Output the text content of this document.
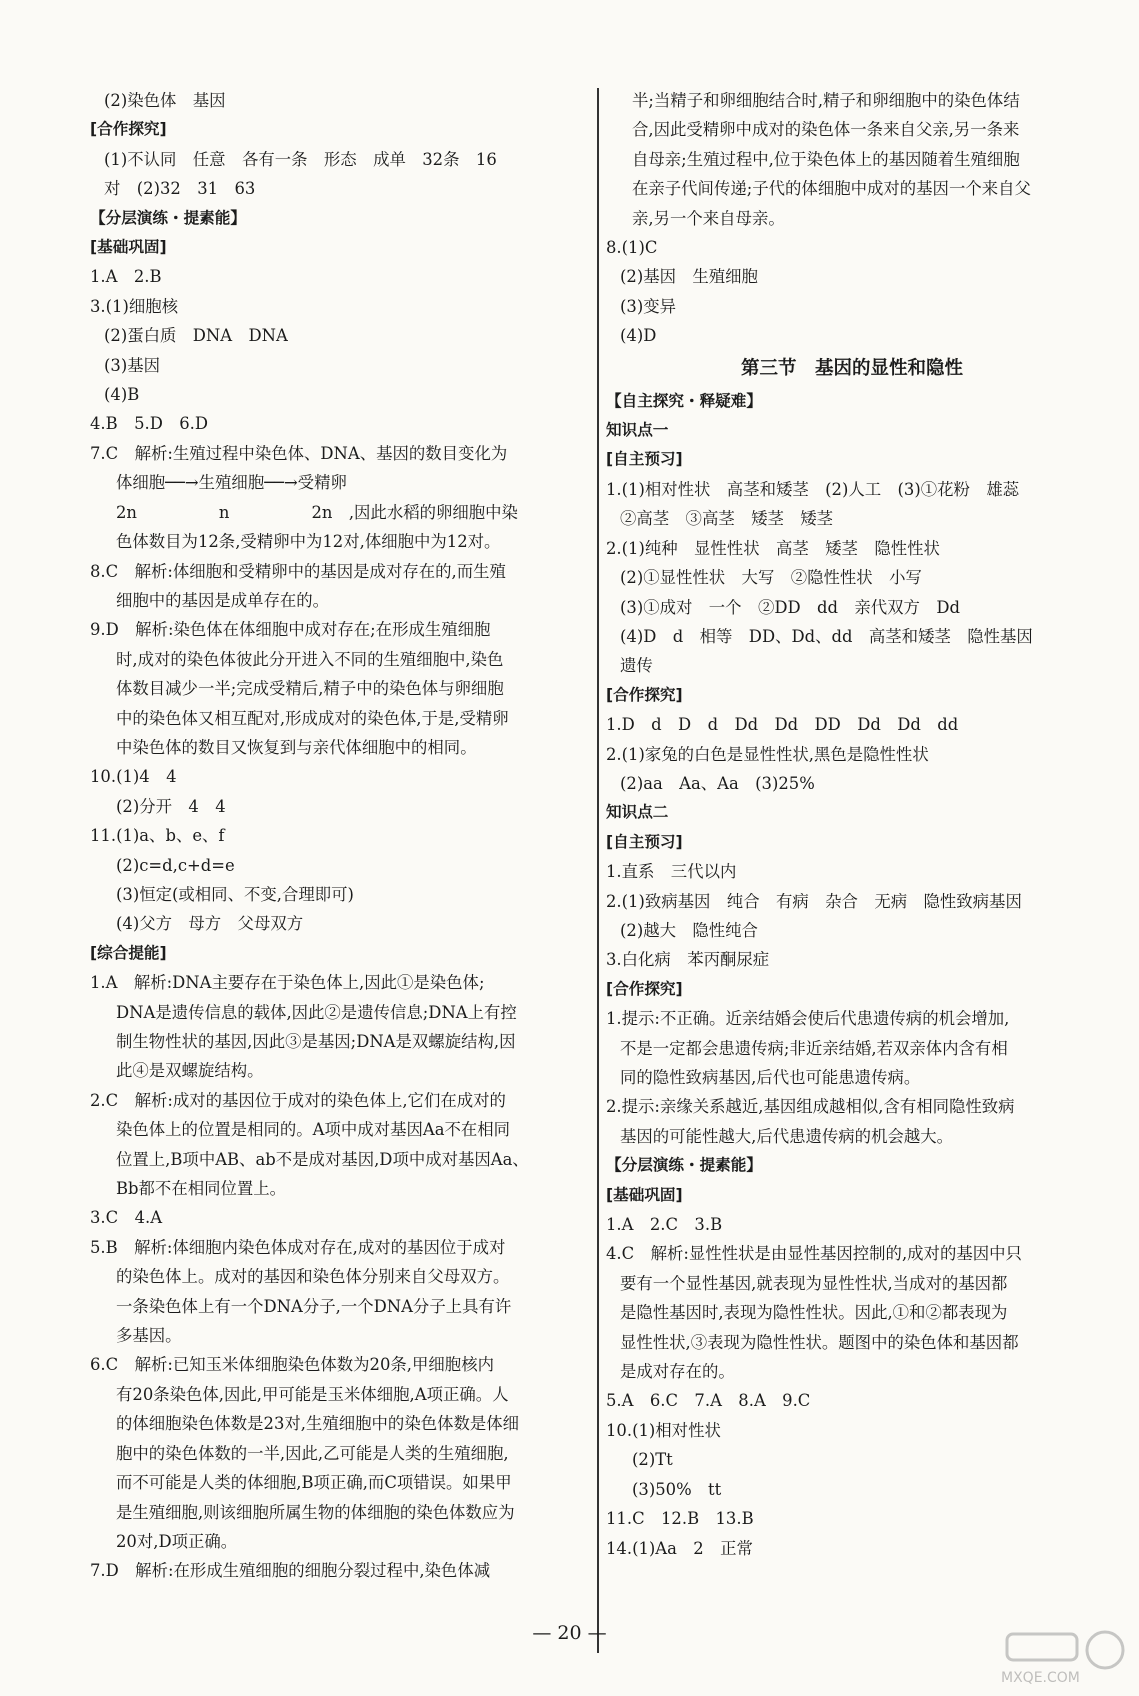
(2)染色体　基因
[合作探究]
(1)不认同　任意　各有一条　形态　成单　32条　16
对　(2)32　31　63
【分层演练・提素能】
[基础巩固]
1.A　2.B
3.(1)细胞核
(2)蛋白质　DNA　DNA
(3)基因
(4)B
4.B　5.D　6.D
7.C　解析:生殖过程中染色体、DNA、基因的数目变化为
体细胞──→生殖细胞──→受精卵
2n　　　　　n　　　　　2n　,因此水稻的卵细胞中染
色体数目为12条,受精卵中为12对,体细胞中为12对。
8.C　解析:体细胞和受精卵中的基因是成对存在的,而生殖
细胞中的基因是成单存在的。
9.D　解析:染色体在体细胞中成对存在;在形成生殖细胞
时,成对的染色体彼此分开进入不同的生殖细胞中,染色
体数目减少一半;完成受精后,精子中的染色体与卵细胞
中的染色体又相互配对,形成成对的染色体,于是,受精卵
中染色体的数目又恢复到与亲代体细胞中的相同。
10.(1)4　4
(2)分开　4　4
11.(1)a、b、e、f
(2)c=d,c+d=e
(3)恒定(或相同、不变,合理即可)
(4)父方　母方　父母双方
[综合提能]
1.A　解析:DNA主要存在于染色体上,因此①是染色体;
DNA是遗传信息的载体,因此②是遗传信息;DNA上有控
制生物性状的基因,因此③是基因;DNA是双螺旋结构,因
此④是双螺旋结构。
2.C　解析:成对的基因位于成对的染色体上,它们在成对的
染色体上的位置是相同的。A项中成对基因Aa不在相同
位置上,B项中AB、ab不是成对基因,D项中成对基因Aa、
Bb都不在相同位置上。
3.C　4.A
5.B　解析:体细胞内染色体成对存在,成对的基因位于成对
的染色体上。成对的基因和染色体分别来自父母双方。
一条染色体上有一个DNA分子,一个DNA分子上具有许
多基因。
6.C　解析:已知玉米体细胞染色体数为20条,甲细胞核内
有20条染色体,因此,甲可能是玉米体细胞,A项正确。人
的体细胞染色体数是23对,生殖细胞中的染色体数是体细
胞中的染色体数的一半,因此,乙可能是人类的生殖细胞,
而不可能是人类的体细胞,B项正确,而C项错误。如果甲
是生殖细胞,则该细胞所属生物的体细胞的染色体数应为
20对,D项正确。
7.D　解析:在形成生殖细胞的细胞分裂过程中,染色体减
半;当精子和卵细胞结合时,精子和卵细胞中的染色体结
合,因此受精卵中成对的染色体一条来自父亲,另一条来
自母亲;生殖过程中,位于染色体上的基因随着生殖细胞
在亲子代间传递;子代的体细胞中成对的基因一个来自父
亲,另一个来自母亲。
8.(1)C
(2)基因　生殖细胞
(3)变异
(4)D
第三节　基因的显性和隐性
【自主探究・释疑难】
知识点一
[自主预习]
1.(1)相对性状　高茎和矮茎　(2)人工　(3)①花粉　雄蕊
②高茎　③高茎　矮茎　矮茎
2.(1)纯种　显性性状　高茎　矮茎　隐性性状
(2)①显性性状　大写　②隐性性状　小写
(3)①成对　一个　②DD　dd　亲代双方　Dd
(4)D　d　相等　DD、Dd、dd　高茎和矮茎　隐性基因
遗传
[合作探究]
1.D　d　D　d　Dd　Dd　DD　Dd　Dd　dd
2.(1)家兔的白色是显性性状,黑色是隐性性状
(2)aa　Aa、Aa　(3)25%
知识点二
[自主预习]
1.直系　三代以内
2.(1)致病基因　纯合　有病　杂合　无病　隐性致病基因
(2)越大　隐性纯合
3.白化病　苯丙酮尿症
[合作探究]
1.提示:不正确。近亲结婚会使后代患遗传病的机会增加,
不是一定都会患遗传病;非近亲结婚,若双亲体内含有相
同的隐性致病基因,后代也可能患遗传病。
2.提示:亲缘关系越近,基因组成越相似,含有相同隐性致病
基因的可能性越大,后代患遗传病的机会越大。
【分层演练・提素能】
[基础巩固]
1.A　2.C　3.B
4.C　解析:显性性状是由显性基因控制的,成对的基因中只
要有一个显性基因,就表现为显性性状,当成对的基因都
是隐性基因时,表现为隐性性状。因此,①和②都表现为
显性性状,③表现为隐性性状。题图中的染色体和基因都
是成对存在的。
5.A　6.C　7.A　8.A　9.C
10.(1)相对性状
(2)Tt
(3)50%　tt
11.C　12.B　13.B
14.(1)Aa　2　正常
— 20 —
MXQE.COM
